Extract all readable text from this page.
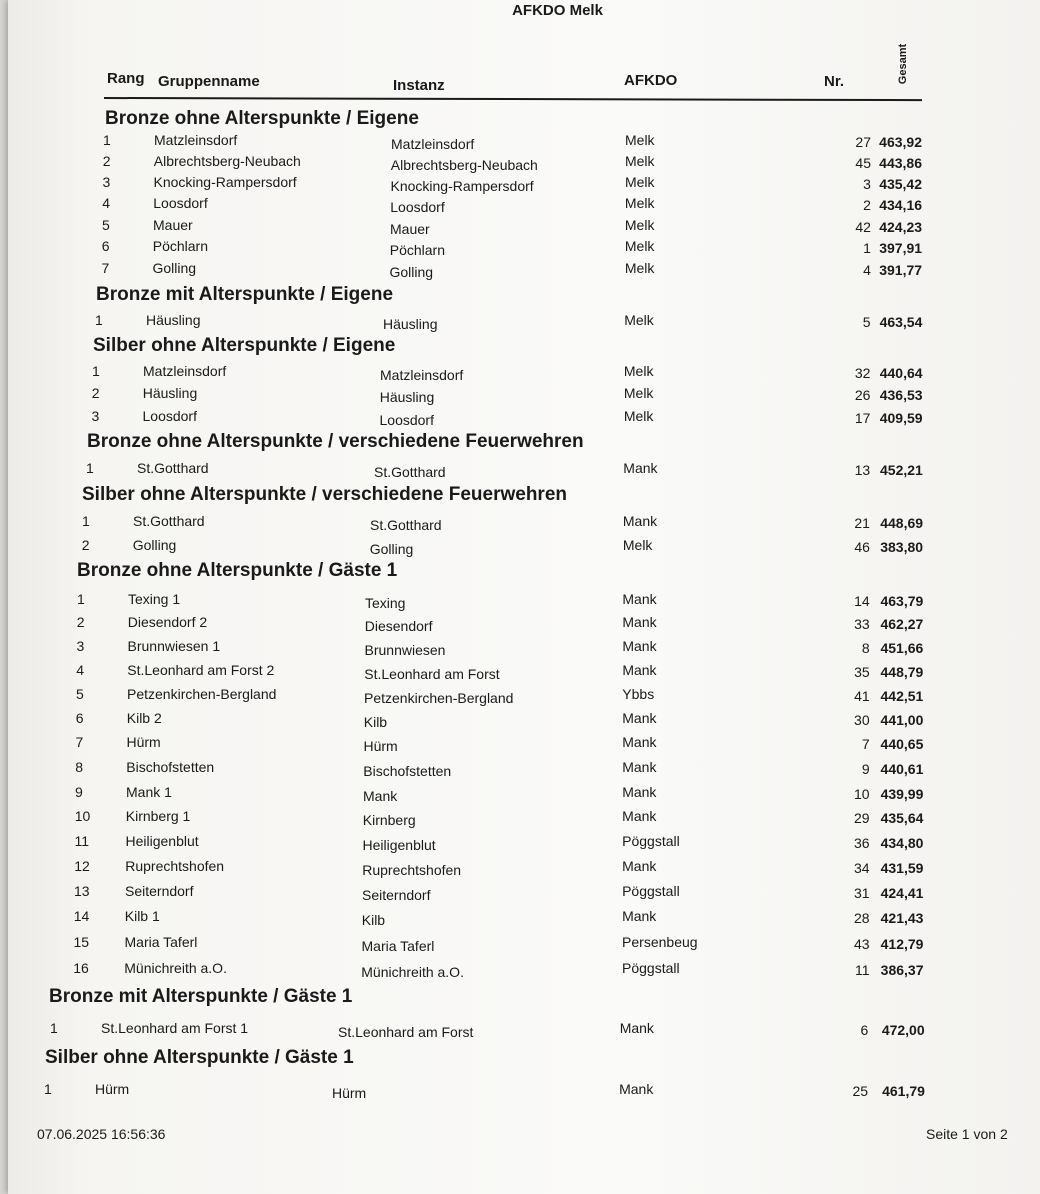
AFKDO Melk
Rang Gruppenname	Instanz	AFKDO	Nr.	Gesamt
Bronze ohne Alterspunkte / Eigene
1	Matzleinsdorf	Matzleinsdorf	Melk	27 463,92
2	Albrechtsberg-Neubach	Albrechtsberg-Neubach	Melk	45 443,86
3	Knocking-Rampersdorf	Knocking-Rampersdorf	Melk	3 435,42
4	Loosdorf	Loosdorf	Melk	2 434,16
5	Mauer	Mauer	Melk	42 424,23
6	Pöchlarn	Pöchlarn	Melk	1 397,91
7	Golling	Golling	Melk	4 391,77
Bronze mit Alterspunkte / Eigene
1	Häusling	Häusling	Melk	5 463,54
Silber ohne Alterspunkte / Eigene
1	Matzleinsdorf	Matzleinsdorf	Melk	32 440,64
2	Häusling	Häusling	Melk	26 436,53
3	Loosdorf	Loosdorf	Melk	17 409,59
Bronze ohne Alterspunkte / verschiedene Feuerwehren
1	St.Gotthard	St.Gotthard	Mank	13 452,21
Silber ohne Alterspunkte / verschiedene Feuerwehren
1	St.Gotthard	St.Gotthard	Mank	21 448,69
2	Golling	Golling	Melk	46 383,80
Bronze ohne Alterspunkte / Gäste 1
1	Texing 1	Texing	Mank	14 463,79
2	Diesendorf 2	Diesendorf	Mank	33 462,27
3	Brunnwiesen 1	Brunnwiesen	Mank	8 451,66
4	St.Leonhard am Forst 2	St.Leonhard am Forst	Mank	35 448,79
5	Petzenkirchen-Bergland	Petzenkirchen-Bergland	Ybbs	41 442,51
6	Kilb 2	Kilb	Mank	30 441,00
7	Hürm	Hürm	Mank	7 440,65
8	Bischofstetten	Bischofstetten	Mank	9 440,61
9	Mank 1	Mank	Mank	10 439,99
10	Kirnberg 1	Kirnberg	Mank	29 435,64
11	Heiligenblut	Heiligenblut	Pöggstall	36 434,80
12	Ruprechtshofen	Ruprechtshofen	Mank	34 431,59
13	Seiterndorf	Seiterndorf	Pöggstall	31 424,41
14	Kilb 1	Kilb	Mank	28 421,43
15	Maria Taferl	Maria Taferl	Persenbeug	43 412,79
16	Münichreith a.O.	Münichreith a.O.	Pöggstall	11 386,37
Bronze mit Alterspunkte / Gäste 1
1	St.Leonhard am Forst 1	St.Leonhard am Forst	Mank	6 472,00
Silber ohne Alterspunkte / Gäste 1
1	Hürm	Hürm	Mank	25	461,79
07.06.2025 16:56:36	Seite 1 von 2
